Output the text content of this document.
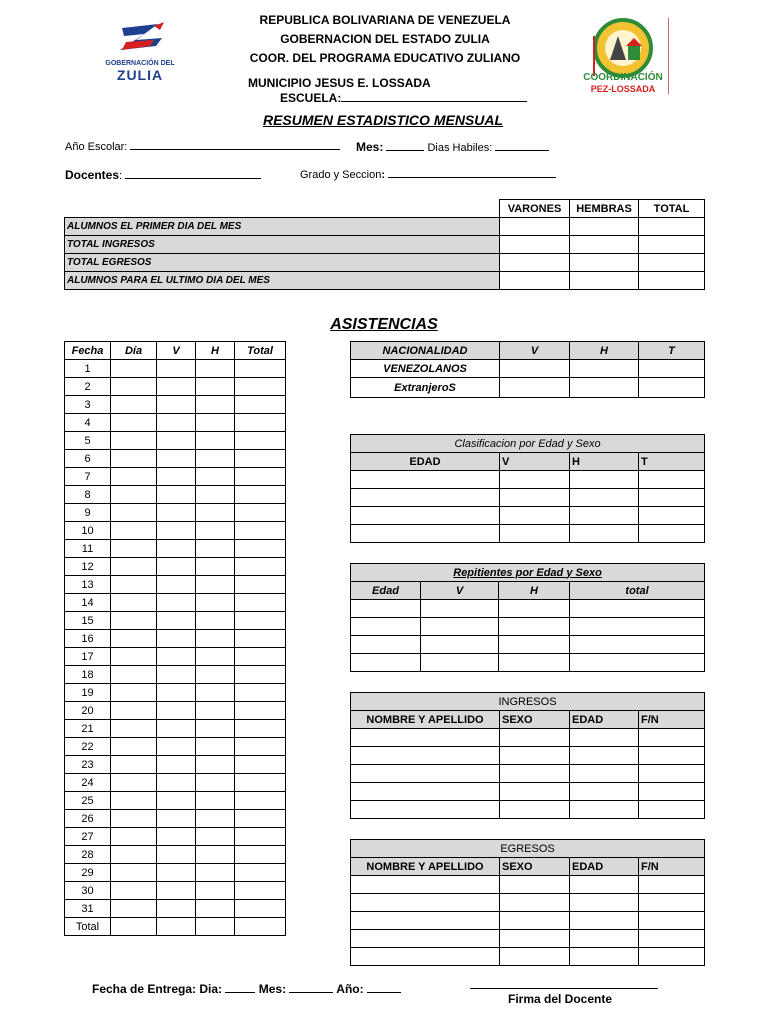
GOBERNACIÓN DEL
ZULIA	COORDINACIÓN
PEZ-LOSSADA
REPUBLICA BOLIVARIANA DE VENEZUELA
GOBERNACION DEL ESTADO ZULIA
COOR. DEL PROGRAMA EDUCATIVO ZULIANO
MUNICIPIO JESUS E. LOSSADA
ESCUELA:
RESUMEN ESTADISTICO MENSUAL
Año Escolar:	Mes:	Dias Habiles:
Docentes:	Grado y Seccion:
	VARONES	HEMBRAS	TOTAL
ALUMNOS EL PRIMER DIA DEL MES			
TOTAL INGRESOS			
TOTAL EGRESOS			
ALUMNOS PARA EL ULTIMO DIA DEL MES			
ASISTENCIAS
Fecha	Día	V	H	Total
1				
2				
3				
4				
5				
6				
7				
8				
9				
10				
11				
12				
13				
14				
15				
16				
17				
18				
19				
20				
21				
22				
23				
24				
25				
26				
27				
28				
29				
30				
31				
Total				
NACIONALIDAD	V	H	T
VENEZOLANOS			
ExtranjeroS			
Clasificacion por Edad y Sexo			
EDAD	V	H	T

Repitientes por Edad y Sexo			
Edad	V	H	total

INGRESOS			
NOMBRE Y APELLIDO	SEXO	EDAD	F/N

EGRESOS			
NOMBRE Y APELLIDO	SEXO	EDAD	F/N

Fecha de Entrega: Dia:	Mes:	Año:
Firma del Docente
